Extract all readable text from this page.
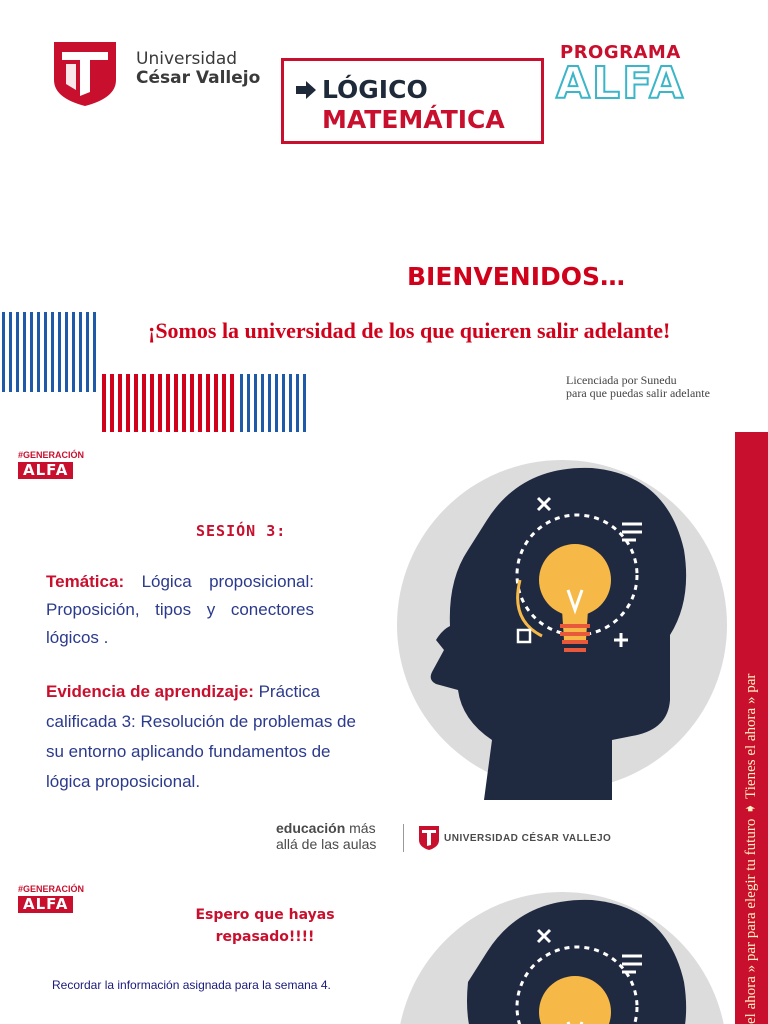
Universidad
César Vallejo LÓGICO
MATEMÁTICA
PROGRAMA
ALFA
BIENVENIDOS…
¡Somos la universidad de los que quieren salir adelante!
Licenciada por Sunedu
para que puedas salir adelante
#GENERACIÓN
ALFA
SESIÓN 3:
Temática: Lógica proposicional: Proposición, tipos y conectores lógicos .
Evidencia de aprendizaje: Práctica calificada 3: Resolución de problemas de su entorno aplicando fundamentos de lógica proposicional.
educación más
allá de las aulas	UNIVERSIDAD CÉSAR VALLEJO	el ahora » par para elegir tu futuro ➧ Tienes el ahora » par
#GENERACIÓN
ALFA
Espero que hayas repasado!!!!
Recordar la información asignada para la semana 4.
